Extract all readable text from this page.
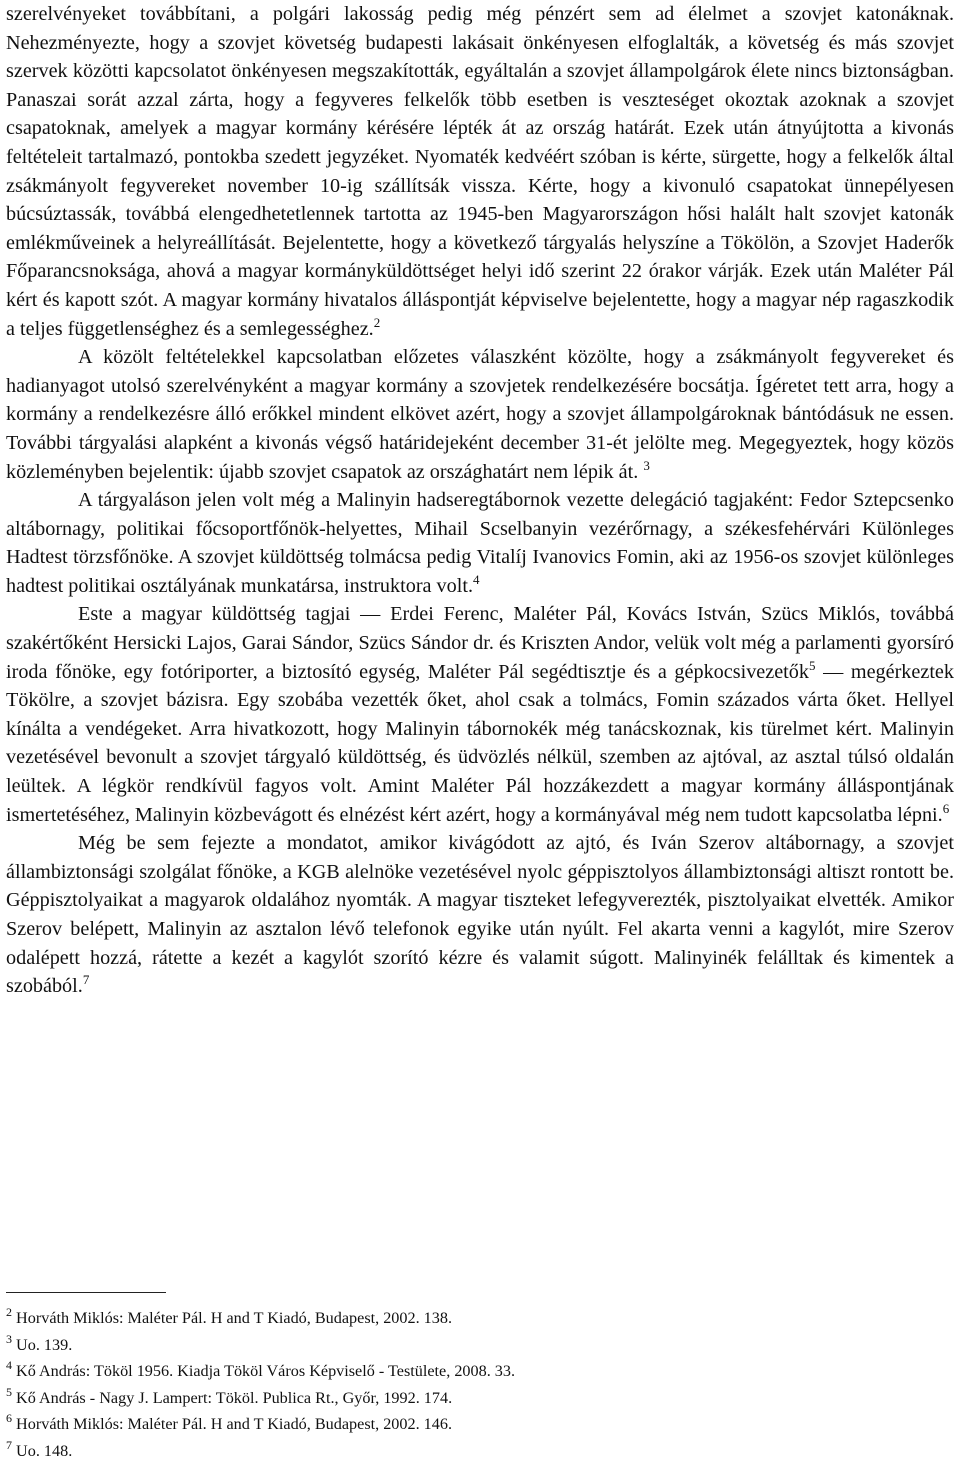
szerelvényeket továbbítani, a polgári lakosság pedig még pénzért sem ad élelmet a szovjet katonáknak. Nehezményezte, hogy a szovjet követség budapesti lakásait önkényesen elfoglalták, a követség és más szovjet szervek közötti kapcsolatot önkényesen megszakították, egyáltalán a szovjet állampolgárok élete nincs biztonságban. Panaszai sorát azzal zárta, hogy a fegyveres felkelők több esetben is veszteséget okoztak azoknak a szovjet csapatoknak, amelyek a magyar kormány kérésére lépték át az ország határát. Ezek után átnyújtotta a kivonás feltételeit tartalmazó, pontokba szedett jegyzéket. Nyomaték kedvéért szóban is kérte, sürgette, hogy a felkelők által zsákmányolt fegyvereket november 10-ig szállítsák vissza. Kérte, hogy a kivonuló csapatokat ünnepélyesen búcsúztassák, továbbá elengedhetetlennek tartotta az 1945-ben Magyarországon hősi halált halt szovjet katonák emlékműveinek a helyreállítását. Bejelentette, hogy a következő tárgyalás helyszíne a Tökölön, a Szovjet Haderők Főparancsnoksága, ahová a magyar kormányküldöttséget helyi idő szerint 22 órakor várják. Ezek után Maléter Pál kért és kapott szót. A magyar kormány hivatalos álláspontját képviselve bejelentette, hogy a magyar nép ragaszkodik a teljes függetlenséghez és a semlegességhez.$^2$

A közölt feltételekkel kapcsolatban előzetes válaszként közölte, hogy a zsákmányolt fegyvereket és hadianyagot utolsó szerelvényként a magyar kormány a szovjetek rendelkezésére bocsátja. Ígéretet tett arra, hogy a kormány a rendelkezésre álló erőkkel mindent elkövet azért, hogy a szovjet állampolgároknak bántódásuk ne essen. További tárgyalási alapként a kivonás végső határidejeként december 31-ét jelölte meg. Megegyeztek, hogy közös közleményben bejelentik: újabb szovjet csapatok az országhatárt nem lépik át. $^3$

A tárgyaláson jelen volt még a Malinyin hadseregtábornok vezette delegáció tagjaként: Fedor Sztepcsenko altábornagy, politikai főcsoportfőnök-helyettes, Mihail Scselbanyin vezérőrnagy, a székesfehérvári Különleges Hadtest törzsfőnöke. A szovjet küldöttség tolmácsa pedig Vitalíj Ivanovics Fomin, aki az 1956-os szovjet különleges hadtest politikai osztályának munkatársa, instruktora volt.$^4$

Este a magyar küldöttség tagjai ― Erdei Ferenc, Maléter Pál, Kovács István, Szücs Miklós, továbbá szakértőként Hersicki Lajos, Garai Sándor, Szücs Sándor dr. és Kriszten Andor, velük volt még a parlamenti gyorsíró iroda főnöke, egy fotóriporter, a biztosító egység, Maléter Pál segédtisztje és a gépkocsivezetők$^5$ ― megérkeztek Tökölre, a szovjet bázisra. Egy szobába vezették őket, ahol csak a tolmács, Fomin százados várta őket. Hellyel kínálta a vendégeket. Arra hivatkozott, hogy Malinyin tábornokék még tanácskoznak, kis türelmet kért. Malinyin vezetésével bevonult a szovjet tárgyaló küldöttség, és üdvözlés nélkül, szemben az ajtóval, az asztal túlsó oldalán leültek. A légkör rendkívül fagyos volt. Amint Maléter Pál hozzákezdett a magyar kormány álláspontjának ismertetéséhez, Malinyin közbevágott és elnézést kért azért, hogy a kormányával még nem tudott kapcsolatba lépni.$^6$

Még be sem fejezte a mondatot, amikor kivágódott az ajtó, és Iván Szerov altábornagy, a szovjet állambiztonsági szolgálat főnöke, a KGB alelnöke vezetésével nyolc géppisztolyos állambiztonsági altiszt rontott be. Géppisztolyaikat a magyarok oldalához nyomták. A magyar tiszteket lefegyverezték, pisztolyaikat elvették. Amikor Szerov belépett, Malinyin az asztalon lévő telefonok egyike után nyúlt. Fel akarta venni a kagylót, mire Szerov odalépett hozzá, rátette a kezét a kagylót szorító kézre és valamit súgott. Malinyinék felálltak és kimentek a szobából.$^7$

$^2$ Horváth Miklós: Maléter Pál. H and T Kiadó, Budapest, 2002. 138.

$^3$ Uo. 139.

$^4$ Kő András: Tököl 1956. Kiadja Tököl Város Képviselő - Testülete, 2008. 33.

$^5$ Kő András - Nagy J. Lampert: Tököl. Publica Rt., Győr, 1992. 174.

$^6$ Horváth Miklós: Maléter Pál. H and T Kiadó, Budapest, 2002. 146.

$^7$ Uo. 148.
